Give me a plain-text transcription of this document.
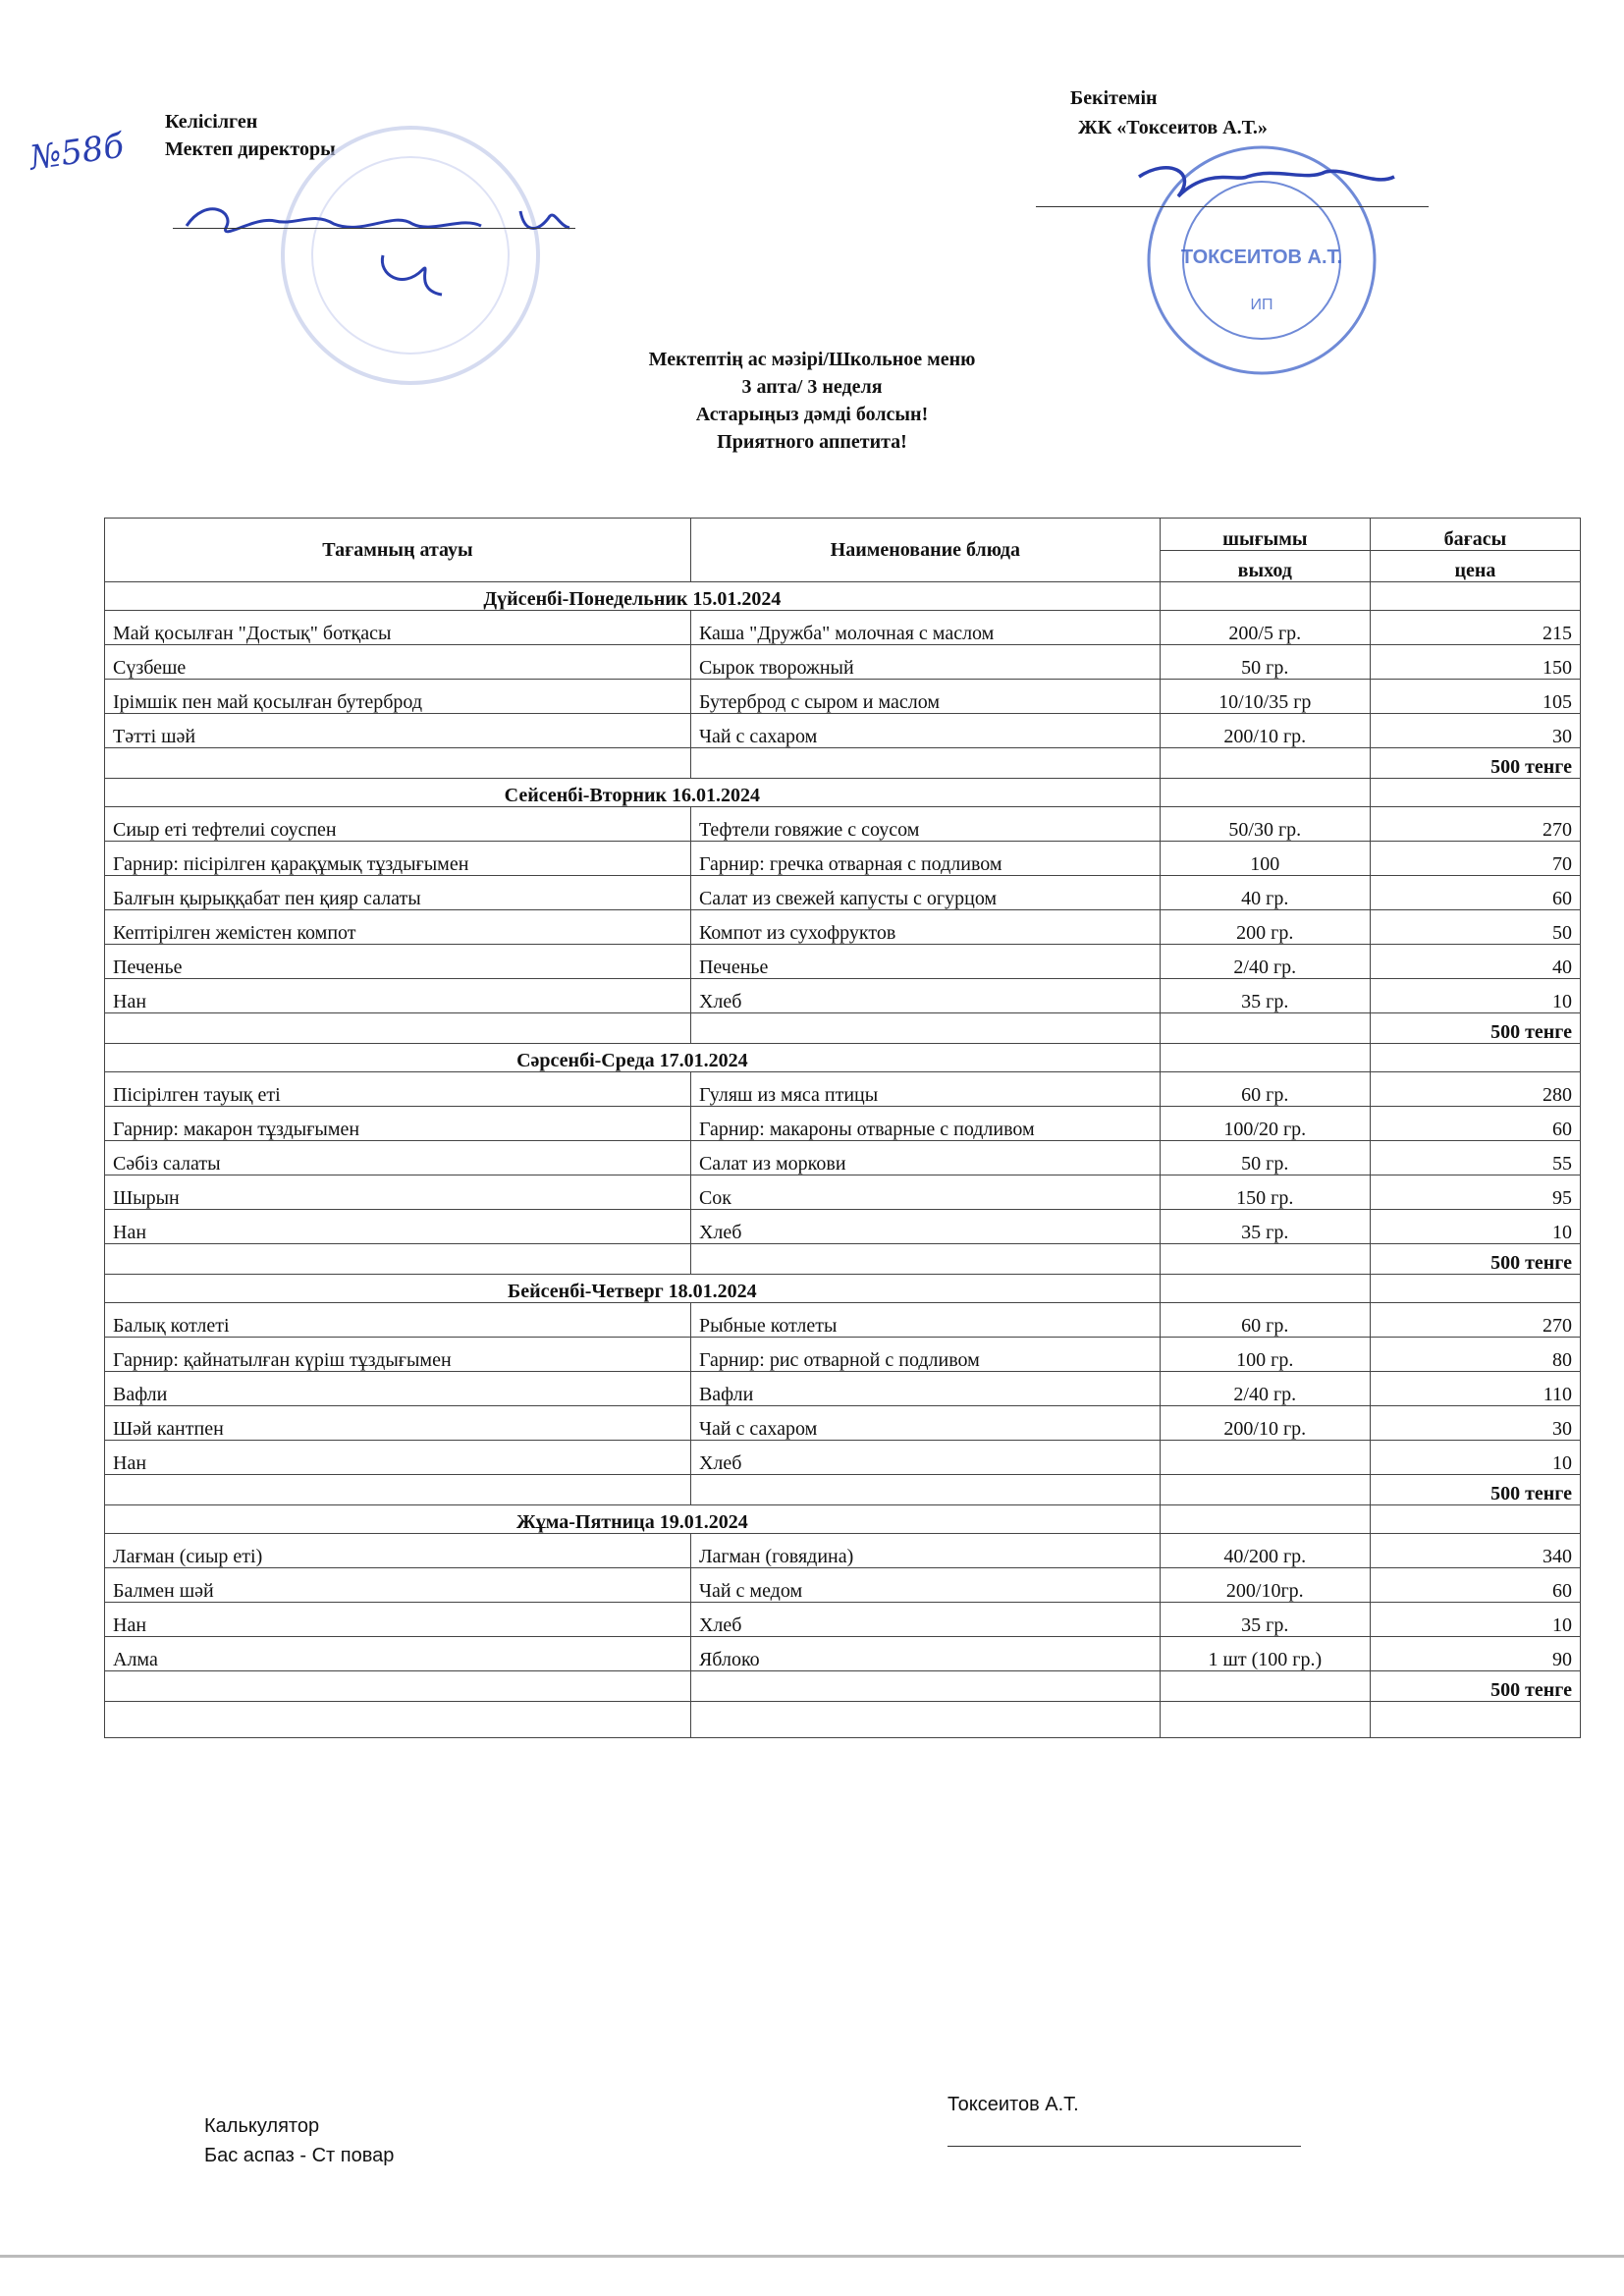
Келісілген
Мектеп директоры
№58б
Бекітемін
ЖК «Токсеитов А.Т.»
ТОКСЕИТОВ А.Т.
ИП
Мектептің ас мәзірі/Школьное меню
3 апта/ 3 неделя
Астарыңыз дәмді болсын!
Приятного аппетита!
Тағамның атауы	Наименование блюда	шығымы	бағасы
		выход	цена
Дүйсенбі-Понедельник 15.01.2024			
Май қосылған "Достық" ботқасы	Каша "Дружба" молочная с маслом	200/5 гр.	215
Сүзбеше	Сырок творожный	50 гр.	150
Ірімшік пен май қосылған бутерброд	Бутерброд с сыром и маслом	10/10/35 гр	105
Тәтті шәй	Чай с сахаром	200/10 гр.	30
			500 тенге
Сейсенбі-Вторник 16.01.2024			
Сиыр еті тефтелиі соуспен	Тефтели говяжие с соусом	50/30 гр.	270
Гарнир: пісірілген қарақұмық тұздығымен	Гарнир: гречка отварная с подливом	100	70
Балғын қырыққабат пен қияр салаты	Салат из свежей капусты с огурцом	40 гр.	60
Кептірілген жемістен компот	Компот из сухофруктов	200 гр.	50
Печенье	Печенье	2/40 гр.	40
Нан	Хлеб	35 гр.	10
			500 тенге
Сәрсенбі-Среда 17.01.2024			
Пісірілген тауық еті	Гуляш из мяса птицы	60 гр.	280
Гарнир: макарон тұздығымен	Гарнир: макароны отварные с подливом	100/20 гр.	60
Сәбіз салаты	Салат из моркови	50 гр.	55
Шырын	Сок	150 гр.	95
Нан	Хлеб	35 гр.	10
			500 тенге
Бейсенбі-Четверг 18.01.2024			
Балық котлеті	Рыбные котлеты	60 гр.	270
Гарнир: қайнатылған күріш тұздығымен	Гарнир: рис отварной с подливом	100 гр.	80
Вафли	Вафли	2/40 гр.	110
Шәй кантпен	Чай с сахаром	200/10 гр.	30
Нан	Хлеб		10
			500 тенге
Жұма-Пятница 19.01.2024			
Лағман (сиыр еті)	Лагман (говядина)	40/200 гр.	340
Балмен шәй	Чай с медом	200/10гр.	60
Нан	Хлеб	35 гр.	10
Алма	Яблоко	1 шт (100 гр.)	90
			500 тенге

Калькулятор
Бас аспаз - Ст повар
Токсеитов А.Т.
